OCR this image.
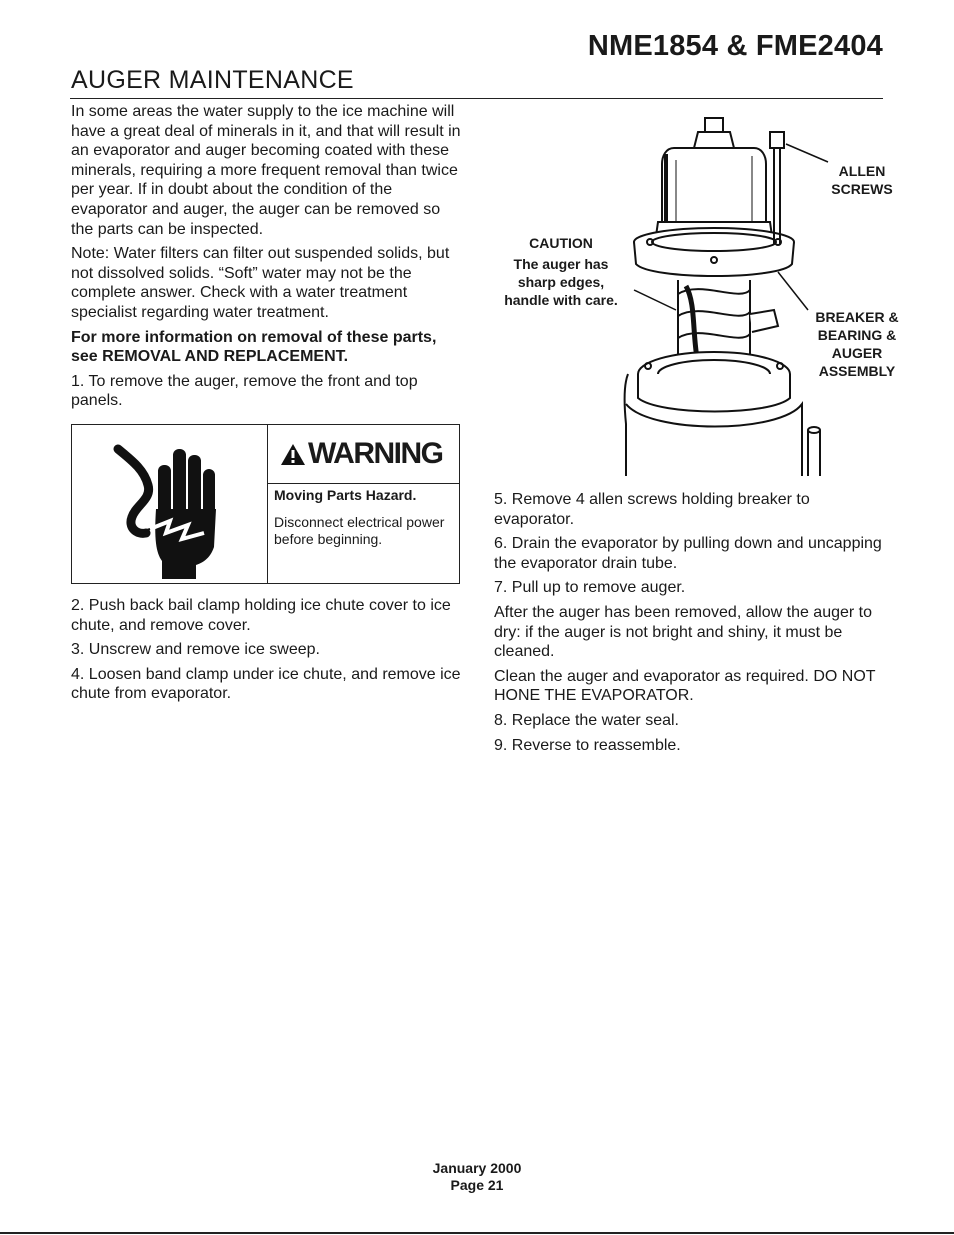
NME1854 & FME2404
AUGER MAINTENANCE

In some areas the water supply to the ice machine will have a great deal of minerals in it, and that will result in an evaporator and auger becoming coated with these minerals, requiring a more frequent removal than twice per year. If in doubt about the condition of the evaporator and auger, the auger can be removed so the parts can be inspected.

Note: Water filters can filter out suspended solids, but not dissolved solids. “Soft” water may not be the complete answer. Check with a water treatment specialist regarding water treatment.

For more information on removal of these parts, see REMOVAL AND REPLACEMENT.

1. To remove the auger, remove the front and top panels.

WARNING

Moving Parts Hazard.

Disconnect electrical power before beginning.

2. Push back bail clamp holding ice chute cover to ice chute, and remove cover.

3. Unscrew and remove ice sweep.

4. Loosen band clamp under ice chute, and remove ice chute from evaporator.

CAUTION
The auger has
sharp edges,
handle with care.
ALLEN
SCREWS
BREAKER &
BEARING &
AUGER
ASSEMBLY

5. Remove 4 allen screws holding breaker to evaporator.

6. Drain the evaporator by pulling down and uncapping the evaporator drain tube.

7. Pull up to remove auger.

After the auger has been removed, allow the auger to dry: if the auger is not bright and shiny, it must be cleaned.

Clean the auger and evaporator as required. DO NOT HONE THE EVAPORATOR.

8. Replace the water seal.

9. Reverse to reassemble.

January 2000
Page 21
